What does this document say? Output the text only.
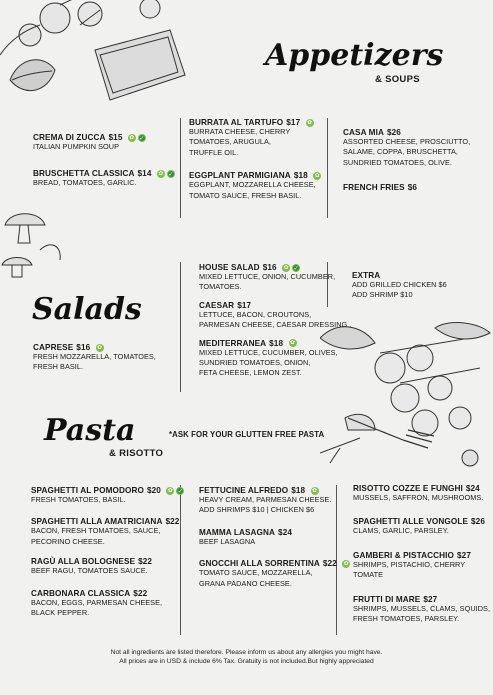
Appetizers
& SOUPS
CREMA DI ZUCCA $15 ✿ ✓
ITALIAN PUMPKIN SOUP
BRUSCHETTA CLASSICA $14 ✿ ✓
BREAD, TOMATOES, GARLIC.
BURRATA AL TARTUFO $17 ✿
BURRATA CHEESE, CHERRY
TOMATOES, ARUGULA,
TRUFFLE OIL.
EGGPLANT PARMIGIANA $18 ✿
EGGPLANT, MOZZARELLA CHEESE,
TOMATO SAUCE, FRESH BASIL.
CASA MIA $26
ASSORTED CHEESE, PROSCIUTTO,
SALAME, COPPA, BRUSCHETTA,
SUNDRIED TOMATOES, OLIVE.
FRENCH FRIES $6
Salads
CAPRESE $16 ✿
FRESH MOZZARELLA, TOMATOES,
FRESH BASIL.
HOUSE SALAD $16 ✿ ✓
MIXED LETTUCE, ONION, CUCUMBER,
TOMATOES.
CAESAR $17
LETTUCE, BACON, CROUTONS,
PARMESAN CHEESE, CAESAR DRESSING .
MEDITERRANEA $18 ✿
MIXED LETTUCE, CUCUMBER, OLIVES,
SUNDRIED TOMATOES, ONION,
FETA CHEESE, LEMON ZEST.
EXTRA
ADD GRILLED CHICKEN $6
ADD SHRIMP $10
Pasta
& RISOTTO
*ASK FOR YOUR GLUTTEN FREE PASTA
SPAGHETTI AL POMODORO $20 ✿ ✓
FRESH TOMATOES, BASIL.
SPAGHETTI ALLA AMATRICIANA $22
BACON, FRESH TOMATOES, SAUCE,
PECORINO CHEESE.
RAGÙ ALLA BOLOGNESE $22
BEEF RAGU, TOMATOES SAUCE.
CARBONARA CLASSICA $22
BACON, EGGS, PARMESAN CHEESE,
BLACK PEPPER.
FETTUCINE ALFREDO $18 ✿
HEAVY CREAM, PARMESAN CHEESE.
ADD SHRIMPS $10 | CHICKEN $6
MAMMA LASAGNA $24
BEEF LASAGNA
GNOCCHI ALLA SORRENTINA $22 ✿
TOMATO SAUCE, MOZZARELLA,
GRANA PADANO CHEESE.
RISOTTO COZZE E FUNGHI $24
MUSSELS, SAFFRON, MUSHROOMS.
SPAGHETTI ALLE VONGOLE $26
CLAMS, GARLIC, PARSLEY.
GAMBERI & PISTACCHIO $27
SHRIMPS, PISTACHIO, CHERRY TOMATE
FRUTTI DI MARE $27
SHRIMPS, MUSSELS, CLAMS, SQUIDS,
FRESH TOMATOES, PARSLEY.
Not all ingredients are listed therefore. Please inform us about any allergies you might have.
All prices are in USD & include 6% Tax. Gratuity is not included.But highly appreciated
